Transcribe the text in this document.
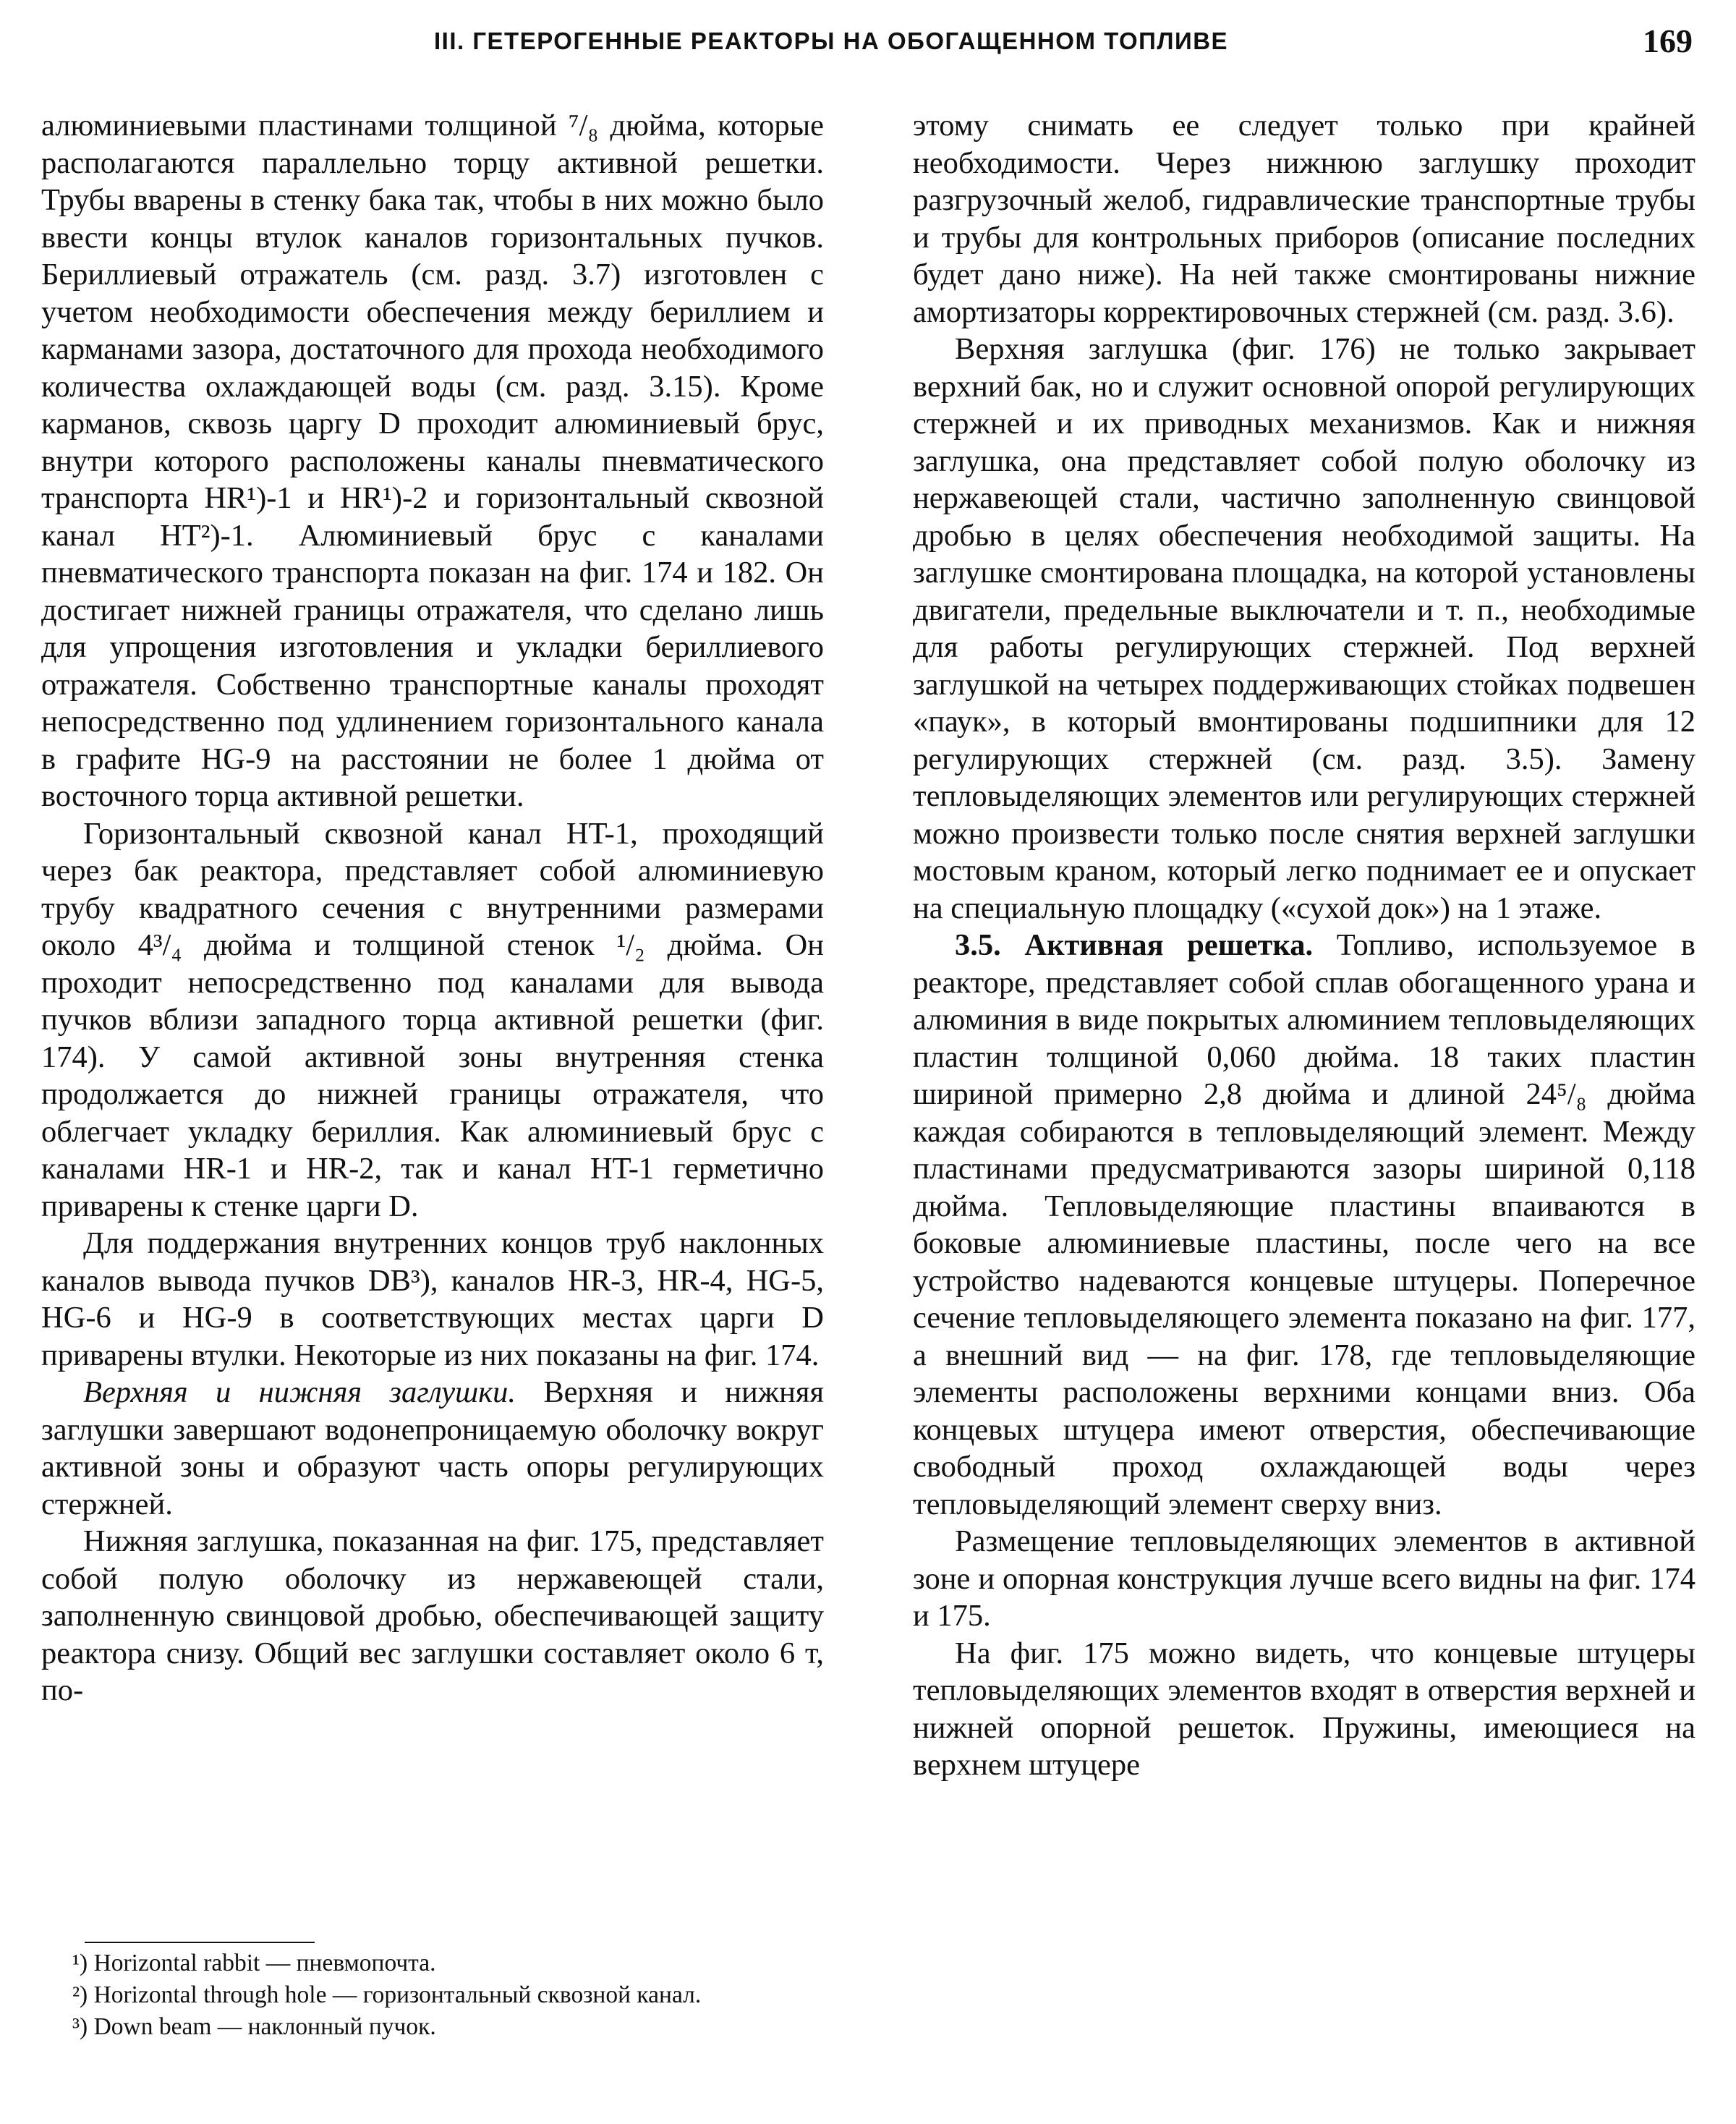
III. ГЕТЕРОГЕННЫЕ РЕАКТОРЫ НА ОБОГАЩЕННОМ ТОПЛИВЕ	169

алюминиевыми пластинами толщиной ⁷/₈ дюйма, которые располагаются параллельно торцу активной решетки. Трубы вварены в стенку бака так, чтобы в них можно было ввести концы втулок каналов горизонтальных пучков. Бериллиевый отражатель (см. разд. 3.7) изготовлен с учетом необходимости обеспечения между бериллием и карманами зазора, достаточного для прохода необходимого количества охлаждающей воды (см. разд. 3.15). Кроме карманов, сквозь царгу D проходит алюминиевый брус, внутри которого расположены каналы пневматического транспорта HR¹)-1 и HR¹)-2 и горизонтальный сквозной канал HT²)-1. Алюминиевый брус с каналами пневматического транспорта показан на фиг. 174 и 182. Он достигает нижней границы отражателя, что сделано лишь для упрощения изготовления и укладки бериллиевого отражателя. Собственно транспортные каналы проходят непосредственно под удлинением горизонтального канала в графите HG-9 на расстоянии не более 1 дюйма от восточного торца активной решетки.

Горизонтальный сквозной канал HT-1, проходящий через бак реактора, представляет собой алюминиевую трубу квадратного сечения с внутренними размерами около 4³/₄ дюйма и толщиной стенок ¹/₂ дюйма. Он проходит непосредственно под каналами для вывода пучков вблизи западного торца активной решетки (фиг. 174). У самой активной зоны внутренняя стенка продолжается до нижней границы отражателя, что облегчает укладку бериллия. Как алюминиевый брус с каналами HR-1 и HR-2, так и канал HT-1 герметично приварены к стенке царги D.

Для поддержания внутренних концов труб наклонных каналов вывода пучков DB³), каналов HR-3, HR-4, HG-5, HG-6 и HG-9 в соответствующих местах царги D приварены втулки. Некоторые из них показаны на фиг. 174.

Верхняя и нижняя заглушки. Верхняя и нижняя заглушки завершают водонепроницаемую оболочку вокруг активной зоны и образуют часть опоры регулирующих стержней.

Нижняя заглушка, показанная на фиг. 175, представляет собой полую оболочку из нержавеющей стали, заполненную свинцовой дробью, обеспечивающей защиту реактора снизу. Общий вес заглушки составляет около 6 т, по-

этому снимать ее следует только при крайней необходимости. Через нижнюю заглушку проходит разгрузочный желоб, гидравлические транспортные трубы и трубы для контрольных приборов (описание последних будет дано ниже). На ней также смонтированы нижние амортизаторы корректировочных стержней (см. разд. 3.6).

Верхняя заглушка (фиг. 176) не только закрывает верхний бак, но и служит основной опорой регулирующих стержней и их приводных механизмов. Как и нижняя заглушка, она представляет собой полую оболочку из нержавеющей стали, частично заполненную свинцовой дробью в целях обеспечения необходимой защиты. На заглушке смонтирована площадка, на которой установлены двигатели, предельные выключатели и т. п., необходимые для работы регулирующих стержней. Под верхней заглушкой на четырех поддерживающих стойках подвешен «паук», в который вмонтированы подшипники для 12 регулирующих стержней (см. разд. 3.5). Замену тепловыделяющих элементов или регулирующих стержней можно произвести только после снятия верхней заглушки мостовым краном, который легко поднимает ее и опускает на специальную площадку («сухой док») на 1 этаже.

3.5. Активная решетка. Топливо, используемое в реакторе, представляет собой сплав обогащенного урана и алюминия в виде покрытых алюминием тепловыделяющих пластин толщиной 0,060 дюйма. 18 таких пластин шириной примерно 2,8 дюйма и длиной 24⁵/₈ дюйма каждая собираются в тепловыделяющий элемент. Между пластинами предусматриваются зазоры шириной 0,118 дюйма. Тепловыделяющие пластины впаиваются в боковые алюминиевые пластины, после чего на все устройство надеваются концевые штуцеры. Поперечное сечение тепловыделяющего элемента показано на фиг. 177, а внешний вид — на фиг. 178, где тепловыделяющие элементы расположены верхними концами вниз. Оба концевых штуцера имеют отверстия, обеспечивающие свободный проход охлаждающей воды через тепловыделяющий элемент сверху вниз.

Размещение тепловыделяющих элементов в активной зоне и опорная конструкция лучше всего видны на фиг. 174 и 175.

На фиг. 175 можно видеть, что концевые штуцеры тепловыделяющих элементов входят в отверстия верхней и нижней опорной решеток. Пружины, имеющиеся на верхнем штуцере

¹) Horizontal rabbit — пневмопочта.
²) Horizontal through hole — горизонтальный сквозной канал.
³) Down beam — наклонный пучок.
